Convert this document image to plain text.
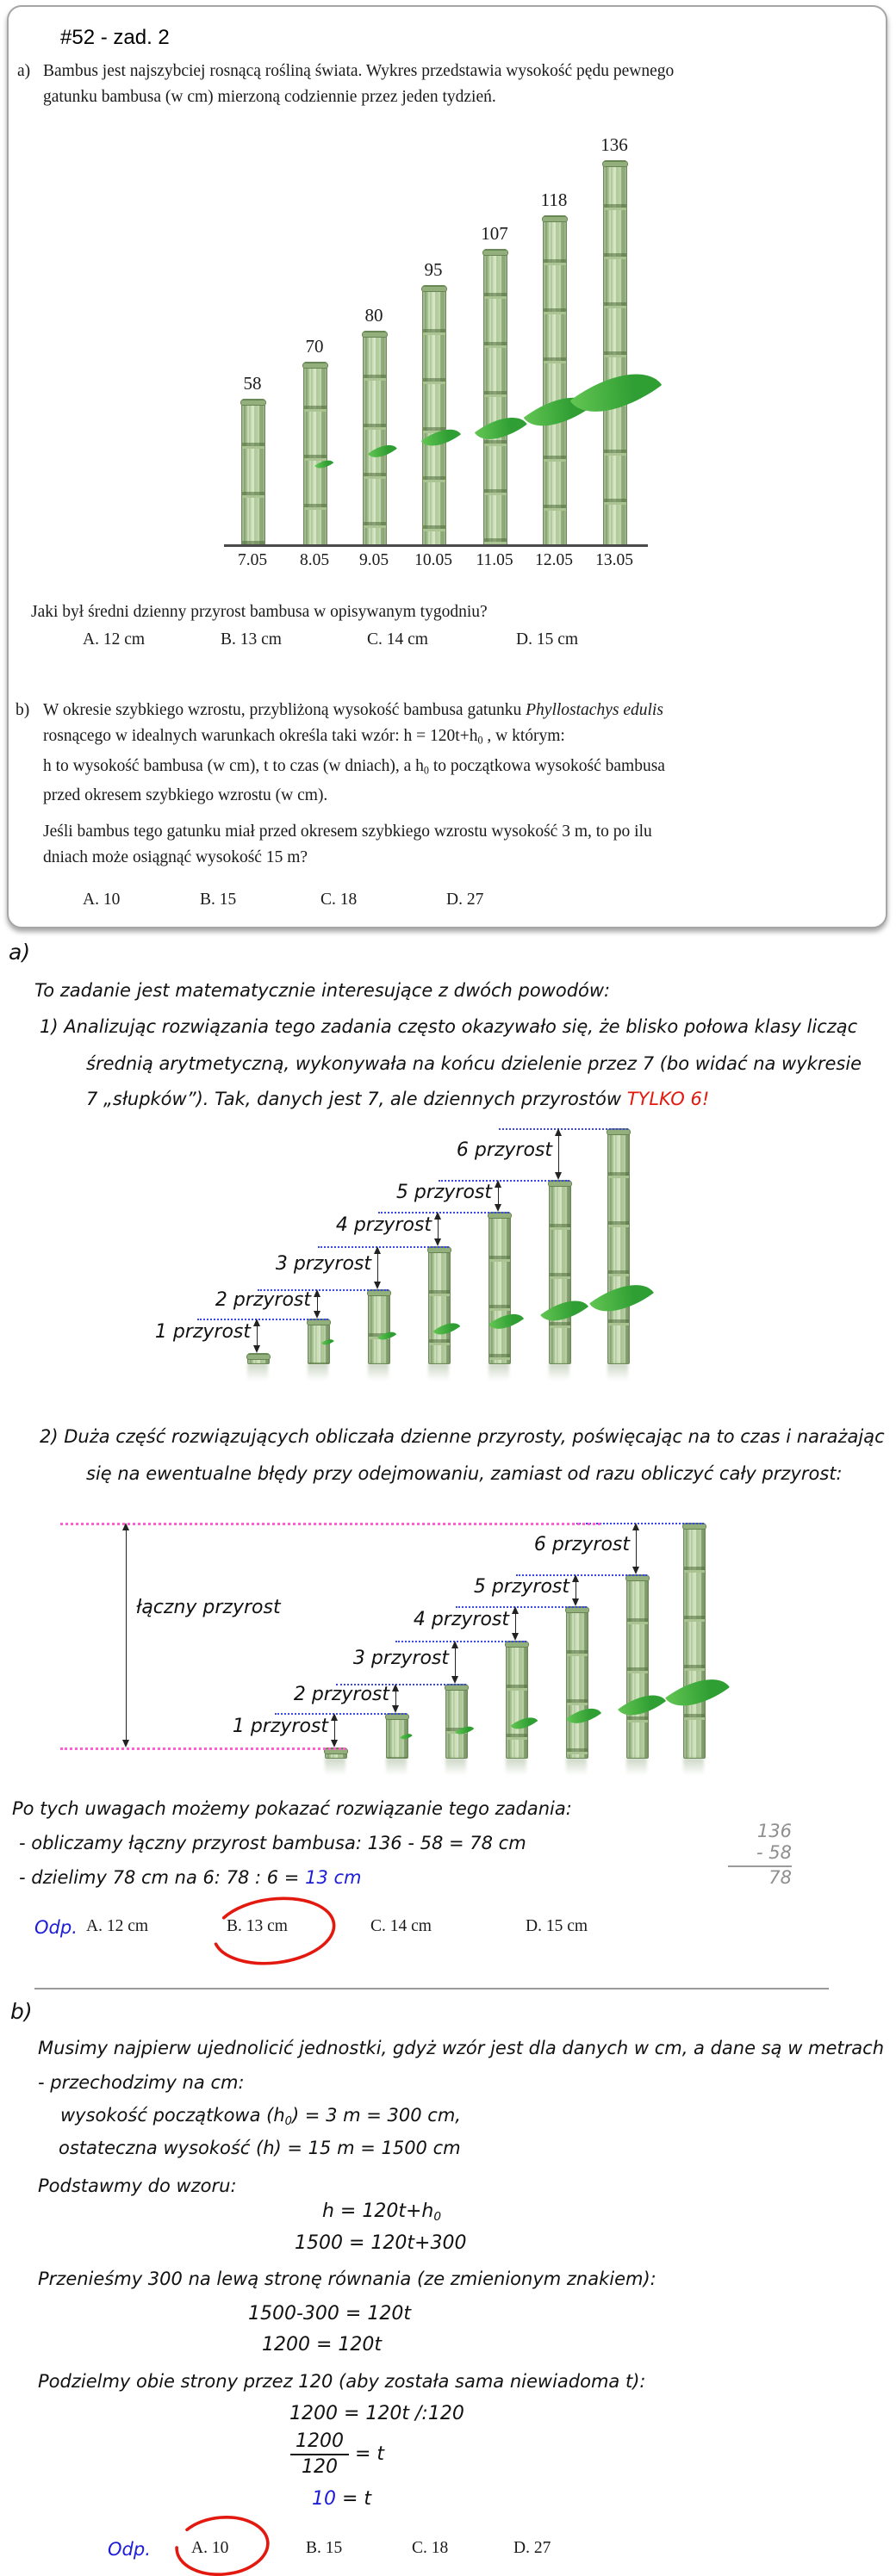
#52 - zad. 2
a) Bambus jest najszybciej rosnącą rośliną świata. Wykres przedstawia wysokość pędu pewnego
gatunku bambusa (w cm) mierzoną codziennie przez jeden tydzień.
58
7.05
70
8.05
80
9.05
95
10.05
107
11.05
118
12.05
136
13.05
Jaki był średni dzienny przyrost bambusa w opisywanym tygodniu?
A. 12 cm	B. 13 cm	C. 14 cm	D. 15 cm
b) W okresie szybkiego wzrostu, przybliżoną wysokość bambusa gatunku Phyllostachys edulis
rosnącego w idealnych warunkach określa taki wzór: h = 120t+h0 , w którym:
h to wysokość bambusa (w cm), t to czas (w dniach), a h0 to początkowa wysokość bambusa
przed okresem szybkiego wzrostu (w cm).
Jeśli bambus tego gatunku miał przed okresem szybkiego wzrostu wysokość 3 m, to po ilu
dniach może osiągnąć wysokość 15 m?
A. 10	B. 15	C. 18	D. 27
a)
To zadanie jest matematycznie interesujące z dwóch powodów:
1) Analizując rozwiązania tego zadania często okazywało się, że blisko połowa klasy licząc
średnią arytmetyczną, wykonywała na końcu dzielenie przez 7 (bo widać na wykresie
7 „słupków”). Tak, danych jest 7, ale dziennych przyrostów TYLKO 6!
1 przyrost
2 przyrost
3 przyrost
4 przyrost
5 przyrost
6 przyrost
2) Duża część rozwiązujących obliczała dzienne przyrosty, poświęcając na to czas i narażając
się na ewentualne błędy przy odejmowaniu, zamiast od razu obliczyć cały przyrost:
1 przyrost
2 przyrost
3 przyrost
4 przyrost
5 przyrost
6 przyrost
łączny przyrost
Po tych uwagach możemy pokazać rozwiązanie tego zadania:
- obliczamy łączny przyrost bambusa: 136 - 58 = 78 cm
- dzielimy 78 cm na 6: 78 : 6 = 13 cm
136
- 58
78
Odp. A. 12 cm	B. 13 cm	C. 14 cm	D. 15 cm
b)
Musimy najpierw ujednolicić jednostki, gdyż wzór jest dla danych w cm, a dane są w metrach
- przechodzimy na cm:
wysokość początkowa (h0) = 3 m = 300 cm,
ostateczna wysokość (h) = 15 m = 1500 cm
Podstawmy do wzoru:
h = 120t+h0
1500 = 120t+300
Przenieśmy 300 na lewą stronę równania (ze zmienionym znakiem):
1500-300 = 120t
1200 = 120t
Podzielmy obie strony przez 120 (aby została sama niewiadoma t):
1200 = 120t /:120
$\frac{1200}{120} = t$
10 = t
Odp. A. 10	B. 15	C. 18	D. 27
